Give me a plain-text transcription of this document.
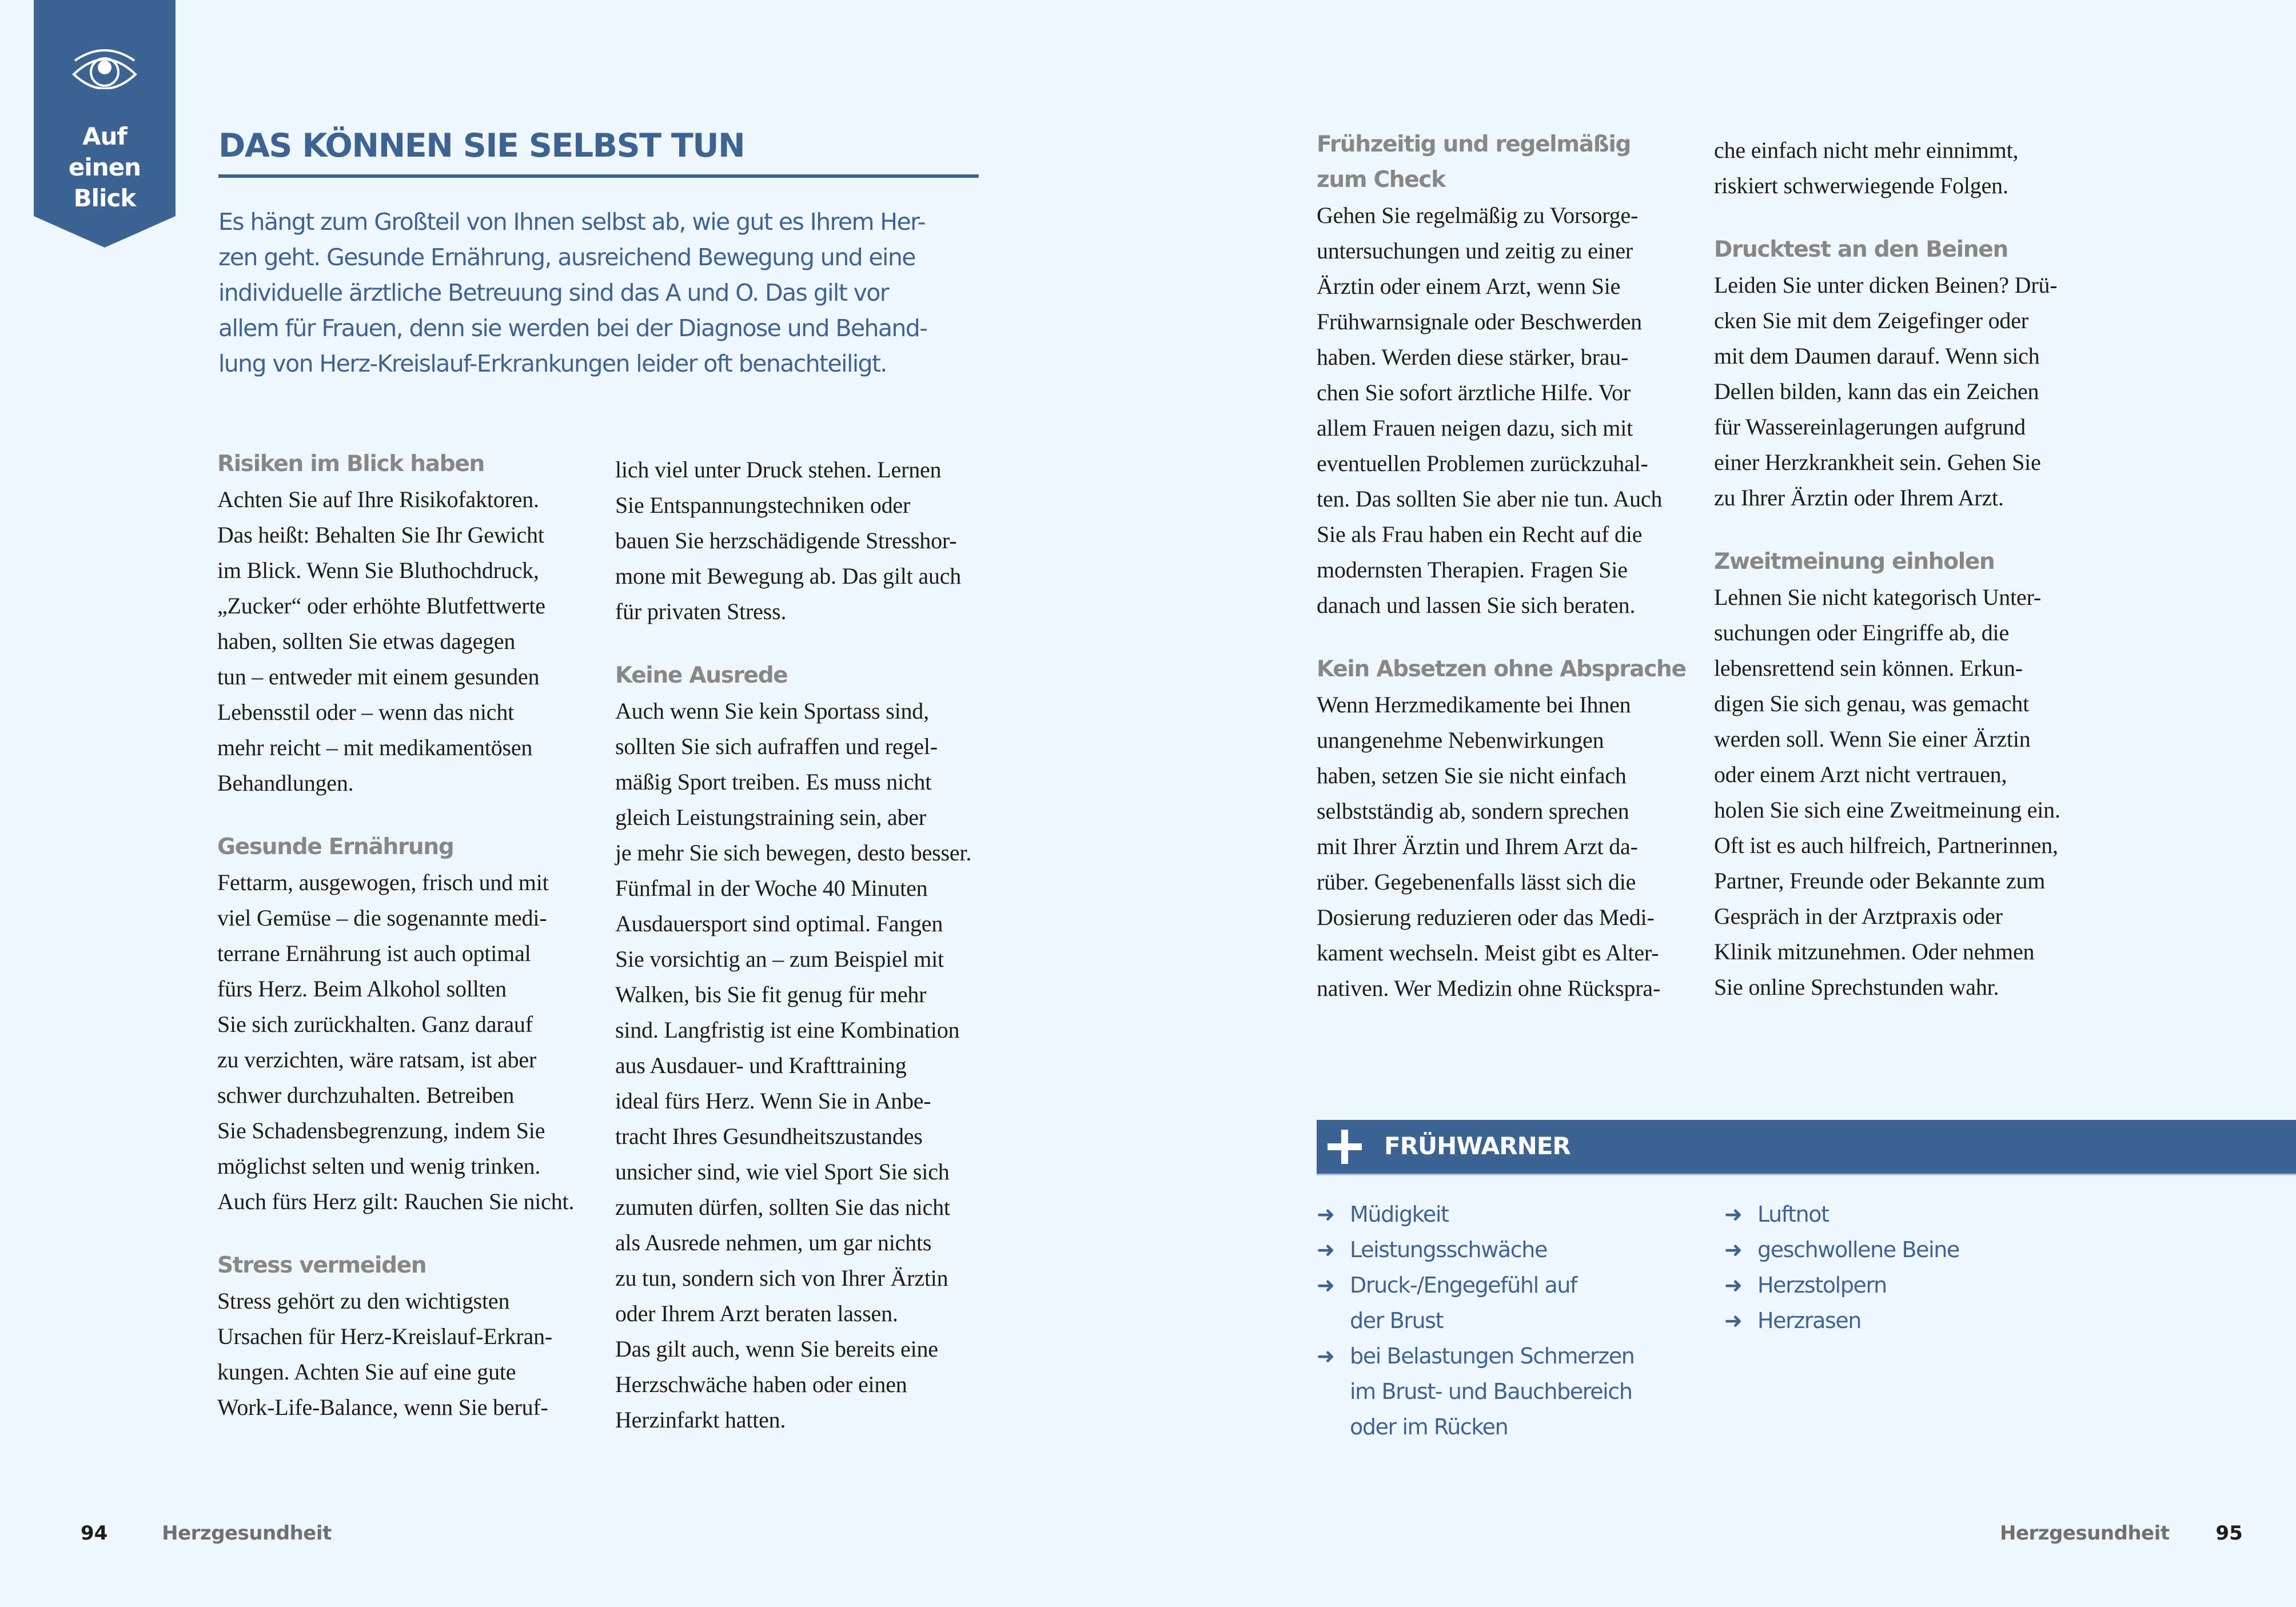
Auf
einen
Blick
DAS KÖNNEN SIE SELBST TUN
Es hängt zum Großteil von Ihnen selbst ab, wie gut es Ihrem Her-
zen geht. Gesunde Ernährung, ausreichend Bewegung und eine
individuelle ärztliche Betreuung sind das A und O. Das gilt vor
allem für Frauen, denn sie werden bei der Diagnose und Behand-
lung von Herz-Kreislauf-Erkrankungen leider oft benachteiligt.
Risiken im Blick haben
Achten Sie auf Ihre Risikofaktoren.
Das heißt: Behalten Sie Ihr Gewicht
im Blick. Wenn Sie Bluthochdruck,
„Zucker“ oder erhöhte Blutfettwerte
haben, sollten Sie etwas dagegen
tun – entweder mit einem gesunden
Lebensstil oder – wenn das nicht
mehr reicht – mit medikamentösen
Behandlungen.
Gesunde Ernährung
Fettarm, ausgewogen, frisch und mit
viel Gemüse – die sogenannte medi-
terrane Ernährung ist auch optimal
fürs Herz. Beim Alkohol sollten
Sie sich zurückhalten. Ganz darauf
zu verzichten, wäre ratsam, ist aber
schwer durchzuhalten. Betreiben
Sie Schadensbegrenzung, indem Sie
möglichst selten und wenig trinken.
Auch fürs Herz gilt: Rauchen Sie nicht.
Stress vermeiden
Stress gehört zu den wichtigsten
Ursachen für Herz-Kreislauf-Erkran-
kungen. Achten Sie auf eine gute
Work-Life-Balance, wenn Sie beruf-
lich viel unter Druck stehen. Lernen
Sie Entspannungstechniken oder
bauen Sie herzschädigende Stresshor-
mone mit Bewegung ab. Das gilt auch
für privaten Stress.
Keine Ausrede
Auch wenn Sie kein Sportass sind,
sollten Sie sich aufraffen und regel-
mäßig Sport treiben. Es muss nicht
gleich Leistungstraining sein, aber
je mehr Sie sich bewegen, desto besser.
Fünfmal in der Woche 40 Minuten
Ausdauersport sind optimal. Fangen
Sie vorsichtig an – zum Beispiel mit
Walken, bis Sie fit genug für mehr
sind. Langfristig ist eine Kombination
aus Ausdauer- und Krafttraining
ideal fürs Herz. Wenn Sie in Anbe-
tracht Ihres Gesundheitszustandes
unsicher sind, wie viel Sport Sie sich
zumuten dürfen, sollten Sie das nicht
als Ausrede nehmen, um gar nichts
zu tun, sondern sich von Ihrer Ärztin
oder Ihrem Arzt beraten lassen.
Das gilt auch, wenn Sie bereits eine
Herzschwäche haben oder einen
Herzinfarkt hatten.
Frühzeitig und regelmäßig
zum Check
Gehen Sie regelmäßig zu Vorsorge-
untersuchungen und zeitig zu einer
Ärztin oder einem Arzt, wenn Sie
Frühwarnsignale oder Beschwerden
haben. Werden diese stärker, brau-
chen Sie sofort ärztliche Hilfe. Vor
allem Frauen neigen dazu, sich mit
eventuellen Problemen zurückzuhal-
ten. Das sollten Sie aber nie tun. Auch
Sie als Frau haben ein Recht auf die
modernsten Therapien. Fragen Sie
danach und lassen Sie sich beraten.
Kein Absetzen ohne Absprache
Wenn Herzmedikamente bei Ihnen
unangenehme Nebenwirkungen
haben, setzen Sie sie nicht einfach
selbstständig ab, sondern sprechen
mit Ihrer Ärztin und Ihrem Arzt da-
rüber. Gegebenenfalls lässt sich die
Dosierung reduzieren oder das Medi-
kament wechseln. Meist gibt es Alter-
nativen. Wer Medizin ohne Rückspra-
che einfach nicht mehr einnimmt,
riskiert schwerwiegende Folgen.
Drucktest an den Beinen
Leiden Sie unter dicken Beinen? Drü-
cken Sie mit dem Zeigefinger oder
mit dem Daumen darauf. Wenn sich
Dellen bilden, kann das ein Zeichen
für Wassereinlagerungen aufgrund
einer Herzkrankheit sein. Gehen Sie
zu Ihrer Ärztin oder Ihrem Arzt.
Zweitmeinung einholen
Lehnen Sie nicht kategorisch Unter-
suchungen oder Eingriffe ab, die
lebensrettend sein können. Erkun-
digen Sie sich genau, was gemacht
werden soll. Wenn Sie einer Ärztin
oder einem Arzt nicht vertrauen,
holen Sie sich eine Zweitmeinung ein.
Oft ist es auch hilfreich, Partnerinnen,
Partner, Freunde oder Bekannte zum
Gespräch in der Arztpraxis oder
Klinik mitzunehmen. Oder nehmen
Sie online Sprechstunden wahr.
FRÜHWARNER
➜ Müdigkeit
➜ Leistungsschwäche
➜ Druck-/Engegefühl auf
der Brust
➜ bei Belastungen Schmerzen
im Brust- und Bauchbereich
oder im Rücken
➜ Luftnot
➜ geschwollene Beine
➜ Herzstolpern
➜ Herzrasen
94	Herzgesundheit	Herzgesundheit 95
